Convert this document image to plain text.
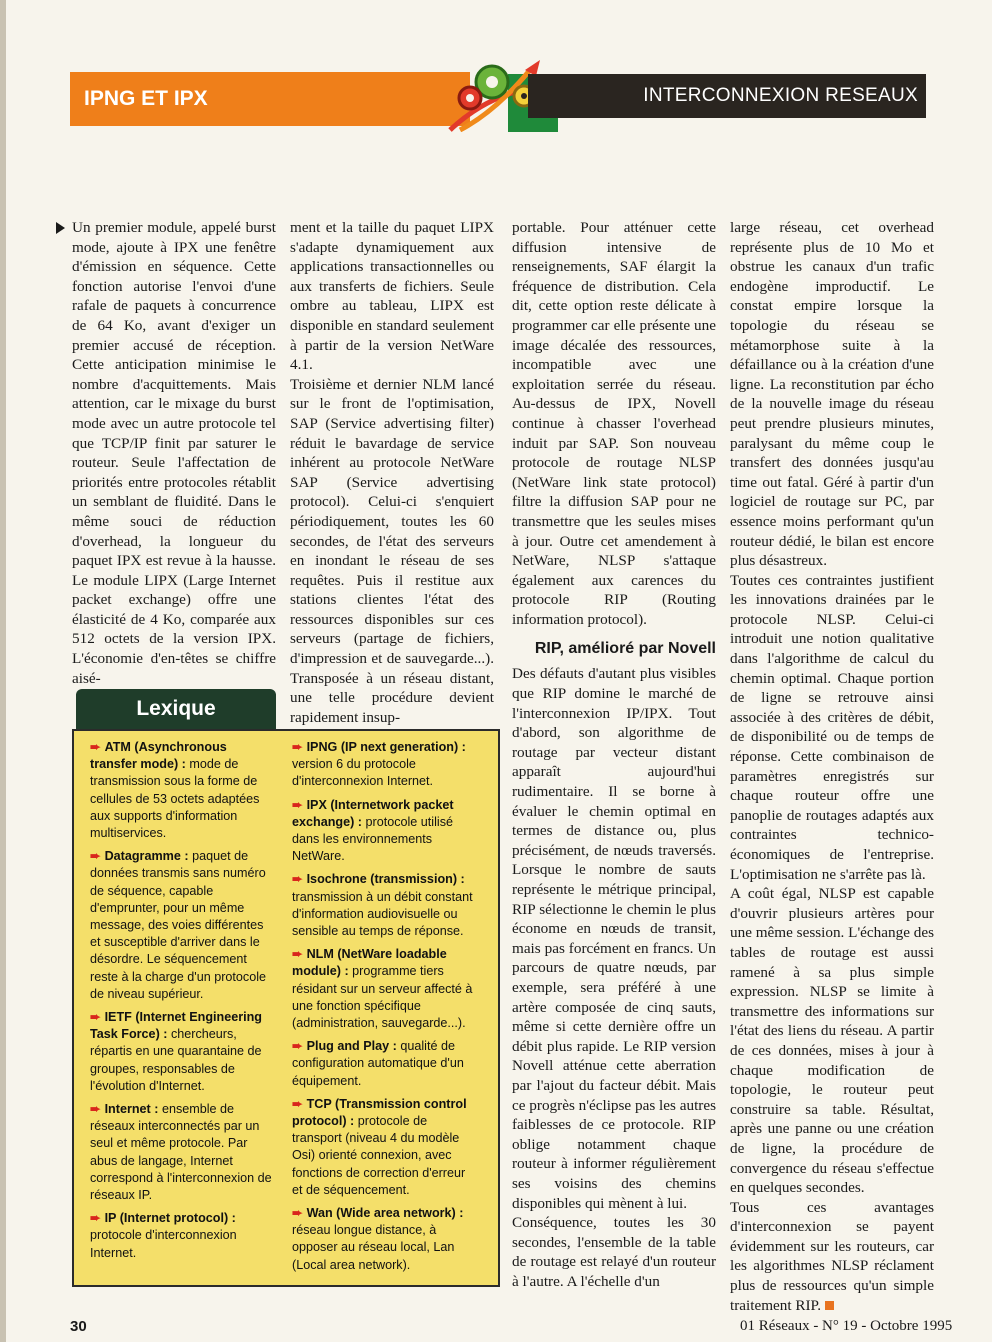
IPNG ET IPX	INTERCONNEXION RESEAUX

Un premier module, appelé burst mode, ajoute à IPX une fenêtre d'émission en séquence. Cette fonction autorise l'envoi d'une rafale de paquets à concurrence de 64 Ko, avant d'exiger un premier accusé de réception. Cette anticipation minimise le nombre d'acquittements. Mais attention, car le mixage du burst mode avec un autre protocole tel que TCP/IP finit par saturer le routeur. Seule l'affectation de priorités entre protocoles rétablit un semblant de fluidité. Dans le même souci de réduction d'overhead, la longueur du paquet IPX est revue à la hausse. Le module LIPX (Large Internet packet exchange) offre une élasticité de 4 Ko, comparée aux 512 octets de la version IPX. L'économie d'en-têtes se chiffre aisé-

ment et la taille du paquet LIPX s'adapte dynamiquement aux applications transactionnelles ou aux transferts de fichiers. Seule ombre au tableau, LIPX est disponible en standard seulement à partir de la version NetWare 4.1.

Troisième et dernier NLM lancé sur le front de l'optimisation, SAP (Service advertising filter) réduit le bavardage de service inhérent au protocole NetWare SAP (Service advertising protocol). Celui-ci s'enquiert périodiquement, toutes les 60 secondes, de l'état des serveurs en inondant le réseau de ses requêtes. Puis il restitue aux stations clientes l'état des ressources disponibles sur ces serveurs (partage de fichiers, d'impression et de sauvegarde...). Transposée à un réseau distant, une telle procédure devient rapidement insup-

portable. Pour atténuer cette diffusion intensive de renseignements, SAF élargit la fréquence de distribution. Cela dit, cette option reste délicate à programmer car elle présente une image décalée des ressources, incompatible avec une exploitation serrée du réseau. Au-dessus de IPX, Novell continue à chasser l'overhead induit par SAP. Son nouveau protocole de routage NLSP (NetWare link state protocol) filtre la diffusion SAP pour ne transmettre que les seules mises à jour. Outre cet amendement à NetWare, NLSP s'attaque également aux carences du protocole RIP (Routing information protocol).

RIP, amélioré par Novell

Des défauts d'autant plus visibles que RIP domine le marché de l'interconnexion IP/IPX. Tout d'abord, son algorithme de routage par vecteur distant apparaît aujourd'hui rudimentaire. Il se borne à évaluer le chemin optimal en termes de distance ou, plus précisément, de nœuds traversés. Lorsque le nombre de sauts représente le métrique principal, RIP sélectionne le chemin le plus économe en nœuds de transit, mais pas forcément en francs. Un parcours de quatre nœuds, par exemple, sera préféré à une artère composée de cinq sauts, même si cette dernière offre un débit plus rapide. Le RIP version Novell atténue cette aberration par l'ajout du facteur débit. Mais ce progrès n'éclipse pas les autres faiblesses de ce protocole. RIP oblige notamment chaque routeur à informer régulièrement ses voisins des chemins disponibles qui mènent à lui.

Conséquence, toutes les 30 secondes, l'ensemble de la table de routage est relayé d'un routeur à l'autre. A l'échelle d'un

large réseau, cet overhead représente plus de 10 Mo et obstrue les canaux d'un trafic endogène improductif. Le constat empire lorsque la topologie du réseau se métamorphose suite à la défaillance ou à la création d'une ligne. La reconstitution par écho de la nouvelle image du réseau peut prendre plusieurs minutes, paralysant du même coup le transfert des données jusqu'au time out fatal. Géré à partir d'un logiciel de routage sur PC, par essence moins performant qu'un routeur dédié, le bilan est encore plus désastreux.

Toutes ces contraintes justifient les innovations drainées par le protocole NLSP. Celui-ci introduit une notion qualitative dans l'algorithme de calcul du chemin optimal. Chaque portion de ligne se retrouve ainsi associée à des critères de débit, de disponibilité ou de temps de réponse. Cette combinaison de paramètres enregistrés sur chaque routeur offre une panoplie de routages adaptés aux contraintes technico-économiques de l'entreprise. L'optimisation ne s'arrête pas là.

A coût égal, NLSP est capable d'ouvrir plusieurs artères pour une même session. L'échange des tables de routage est aussi ramené à sa plus simple expression. NLSP se limite à transmettre des informations sur l'état des liens du réseau. A partir de ces données, mises à jour à chaque modification de topologie, le routeur peut construire sa table. Résultat, après une panne ou une création de ligne, la procédure de convergence du réseau s'effectue en quelques secondes.

Tous ces avantages d'interconnexion se payent évidemment sur les routeurs, car les algorithmes NLSP réclament plus de ressources qu'un simple traitement RIP.

Lexique
➨ ATM (Asynchronous transfer mode) : mode de transmission sous la forme de cellules de 53 octets adaptées aux supports d'information multiservices.
➨ Datagramme : paquet de données transmis sans numéro de séquence, capable d'emprunter, pour un même message, des voies différentes et susceptible d'arriver dans le désordre. Le séquencement reste à la charge d'un protocole de niveau supérieur.
➨ IETF (Internet Engineering Task Force) : chercheurs, répartis en une quarantaine de groupes, responsables de l'évolution d'Internet.
➨ Internet : ensemble de réseaux interconnectés par un seul et même protocole. Par abus de langage, Internet correspond à l'interconnexion de réseaux IP.
➨ IP (Internet protocol) : protocole d'interconnexion Internet.
➨ IPNG (IP next generation) : version 6 du protocole d'interconnexion Internet.
➨ IPX (Internetwork packet exchange) : protocole utilisé dans les environnements NetWare.
➨ Isochrone (transmission) : transmission à un débit constant d'information audiovisuelle ou sensible au temps de réponse.
➨ NLM (NetWare loadable module) : programme tiers résidant sur un serveur affecté à une fonction spécifique (administration, sauvegarde...).
➨ Plug and Play : qualité de configuration automatique d'un équipement.
➨ TCP (Transmission control protocol) : protocole de transport (niveau 4 du modèle Osi) orienté connexion, avec fonctions de correction d'erreur et de séquencement.
➨ Wan (Wide area network) : réseau longue distance, à opposer au réseau local, Lan (Local area network).
30	01 Réseaux - N° 19 - Octobre 1995
